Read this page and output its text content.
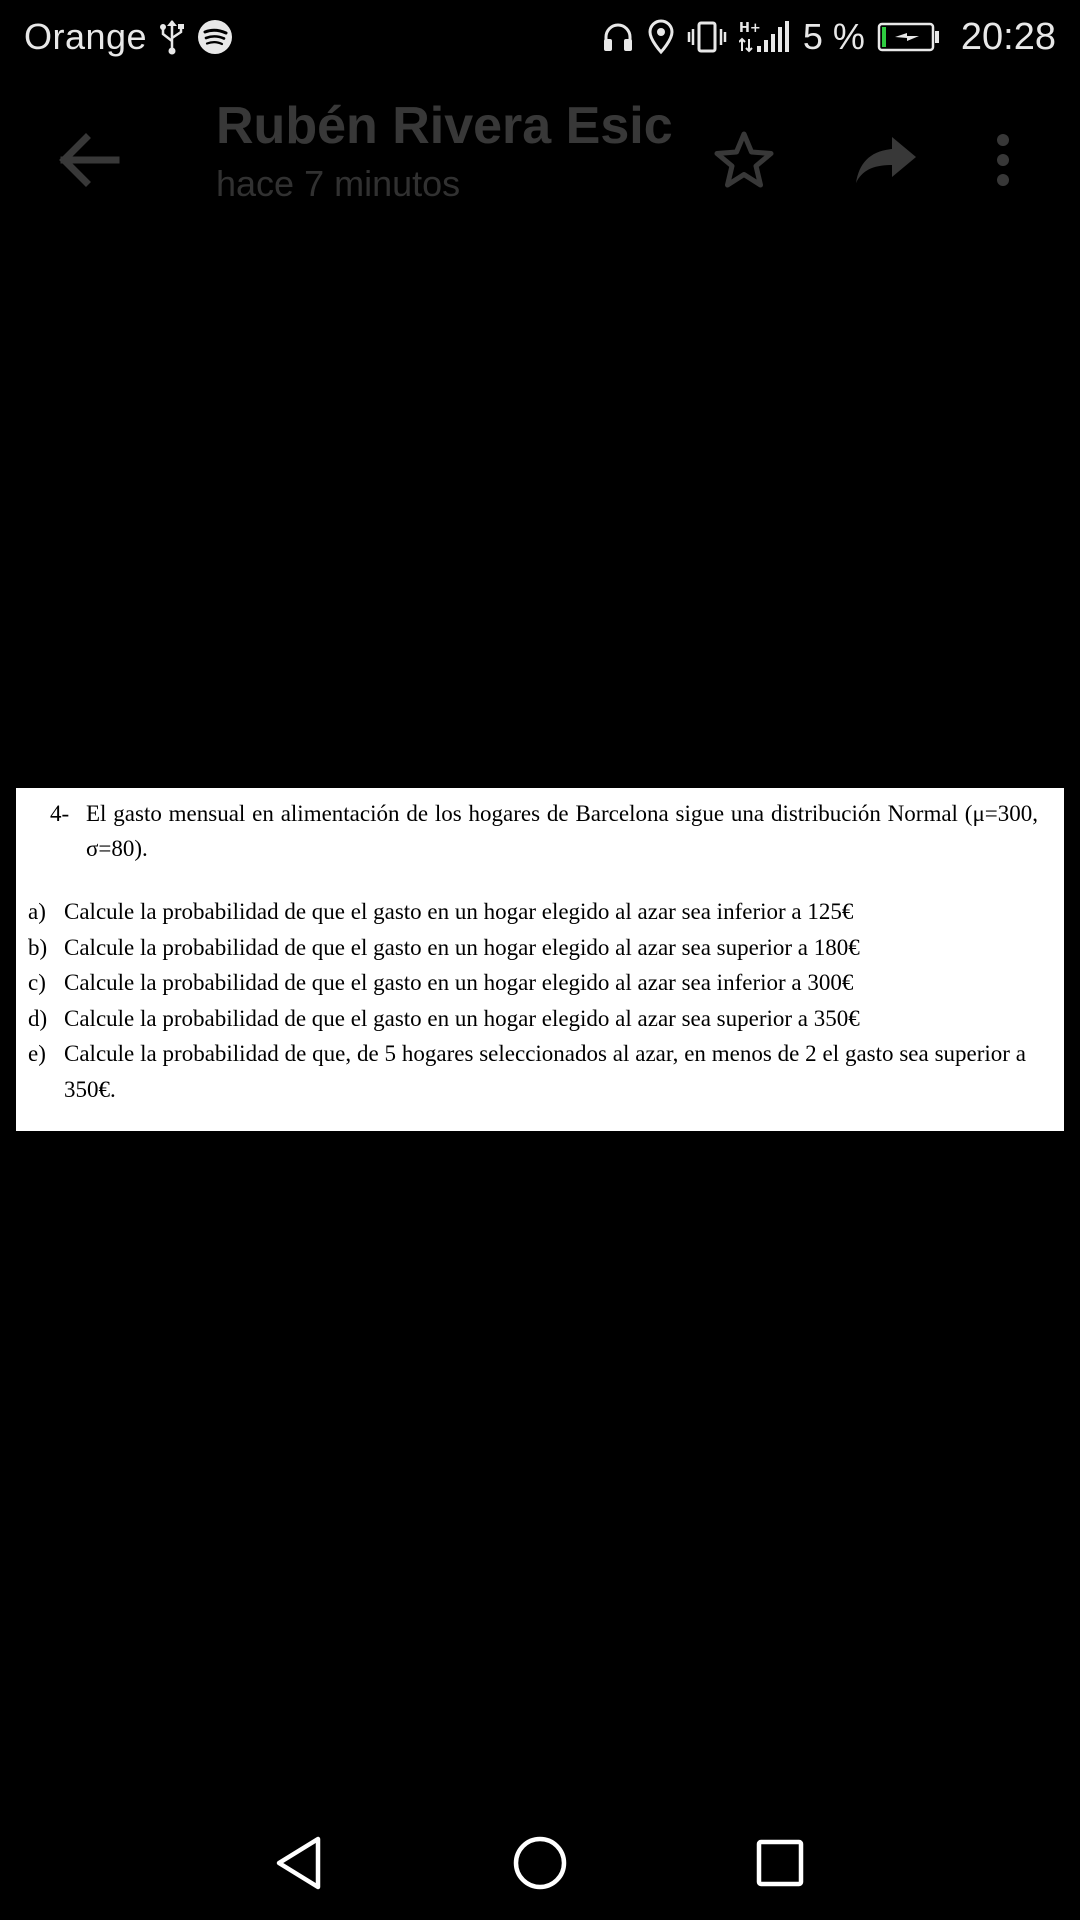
Orange	H+ 5 %	20:28
Rubén Rivera Esic
hace 7 minutos
4- El gasto mensual en alimentación de los hogares de Barcelona sigue una distribución Normal (μ=300, σ=80).
a) Calcule la probabilidad de que el gasto en un hogar elegido al azar sea inferior a 125€
b) Calcule la probabilidad de que el gasto en un hogar elegido al azar sea superior a 180€
c) Calcule la probabilidad de que el gasto en un hogar elegido al azar sea inferior a 300€
d) Calcule la probabilidad de que el gasto en un hogar elegido al azar sea superior a 350€
e) Calcule la probabilidad de que, de 5 hogares seleccionados al azar, en menos de 2 el gasto sea superior a 350€.
